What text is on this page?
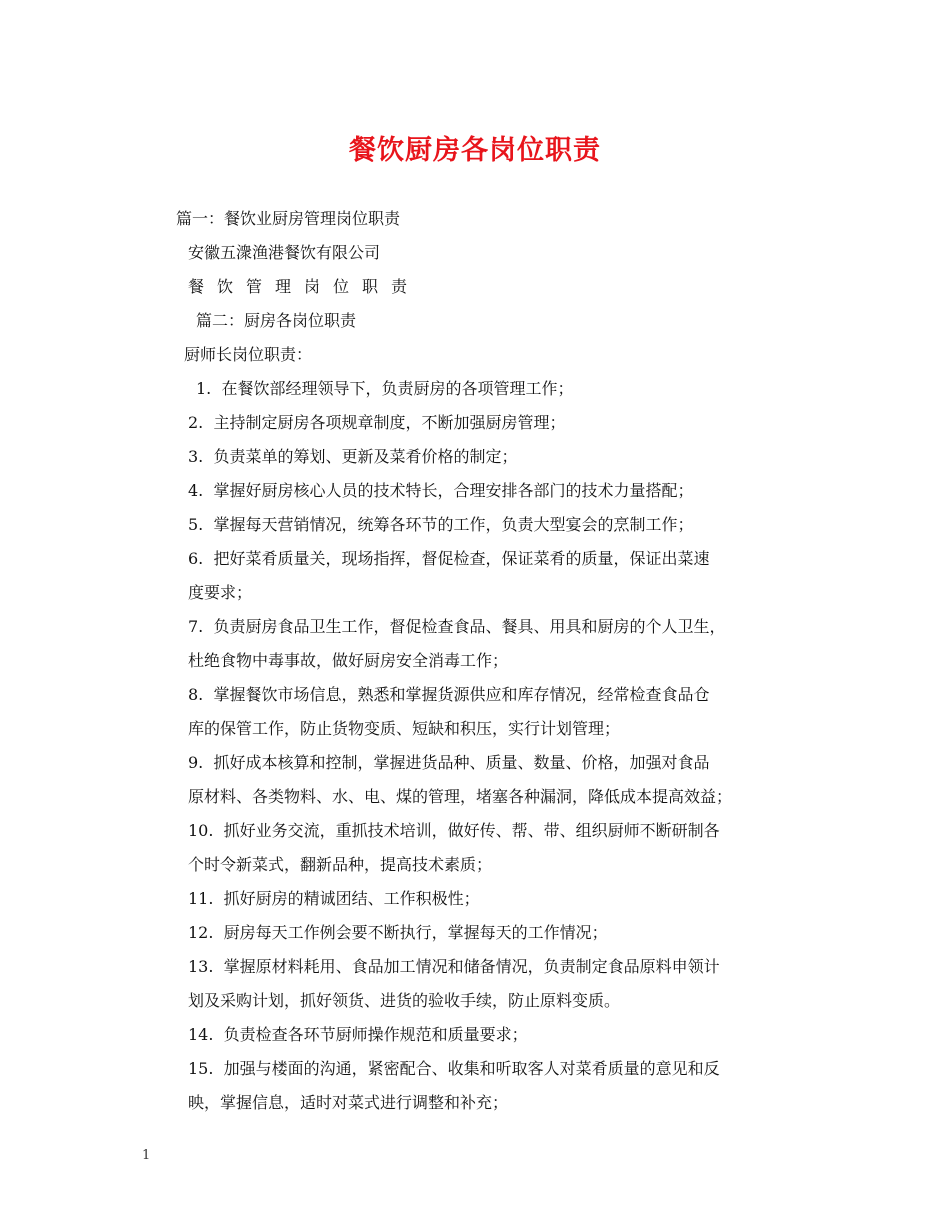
餐饮厨房各岗位职责
篇一：餐饮业厨房管理岗位职责
安徽五潨渔港餐饮有限公司
餐饮管理岗位职责
篇二：厨房各岗位职责
厨师长岗位职责：
1. 在餐饮部经理领导下，负责厨房的各项管理工作；
2. 主持制定厨房各项规章制度，不断加强厨房管理；
3. 负责菜单的筹划、更新及菜肴价格的制定；
4. 掌握好厨房核心人员的技术特长，合理安排各部门的技术力量搭配；
5. 掌握每天营销情况，统筹各环节的工作，负责大型宴会的烹制工作；
6. 把好菜肴质量关，现场指挥，督促检查，保证菜肴的质量，保证出菜速
度要求；
7. 负责厨房食品卫生工作，督促检查食品、餐具、用具和厨房的个人卫生，
杜绝食物中毒事故，做好厨房安全消毒工作；
8. 掌握餐饮市场信息，熟悉和掌握货源供应和库存情况，经常检查食品仓
库的保管工作，防止货物变质、短缺和积压，实行计划管理；
9. 抓好成本核算和控制，掌握进货品种、质量、数量、价格，加强对食品
原材料、各类物料、水、电、煤的管理，堵塞各种漏洞，降低成本提高效益；
10. 抓好业务交流，重抓技术培训，做好传、帮、带、组织厨师不断研制各
个时令新菜式，翻新品种，提高技术素质；
11. 抓好厨房的精诚团结、工作积极性；
12. 厨房每天工作例会要不断执行，掌握每天的工作情况；
13. 掌握原材料耗用、食品加工情况和储备情况，负责制定食品原料申领计
划及采购计划，抓好领货、进货的验收手续，防止原料变质。
14. 负责检查各环节厨师操作规范和质量要求；
15. 加强与楼面的沟通，紧密配合、收集和听取客人对菜肴质量的意见和反
映，掌握信息，适时对菜式进行调整和补充；
1
